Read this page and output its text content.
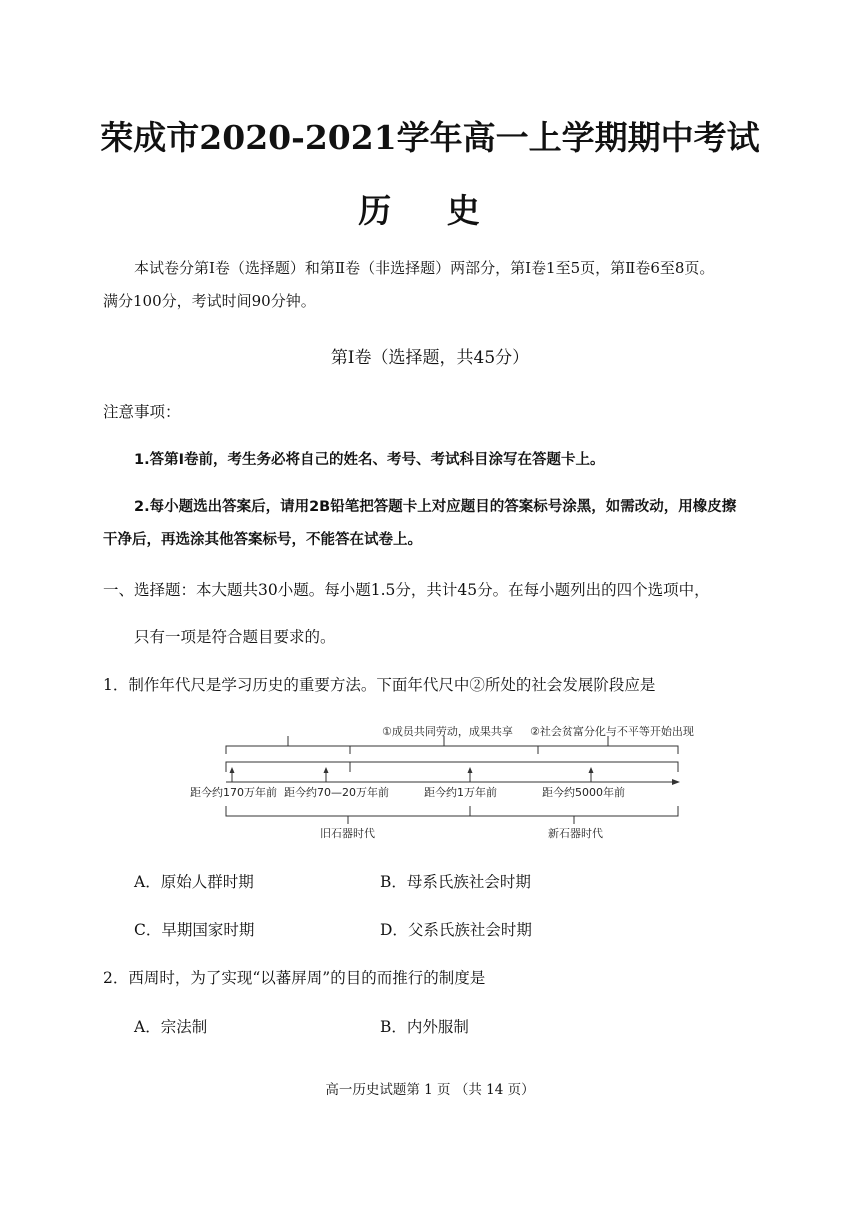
荣成市2020-2021学年高一上学期期中考试
历 史
本试卷分第Ⅰ卷（选择题）和第Ⅱ卷（非选择题）两部分，第Ⅰ卷1至5页，第Ⅱ卷6至8页。
满分100分，考试时间90分钟。
第Ⅰ卷（选择题，共45分）
注意事项：
1.答第Ⅰ卷前，考生务必将自己的姓名、考号、考试科目涂写在答题卡上。
2.每小题选出答案后，请用2B铅笔把答题卡上对应题目的答案标号涂黑，如需改动，用橡皮擦
干净后，再选涂其他答案标号，不能答在试卷上。
一、选择题：本大题共30小题。每小题1.5分，共计45分。在每小题列出的四个选项中，
只有一项是符合题目要求的。
1．制作年代尺是学习历史的重要方法。下面年代尺中②所处的社会发展阶段应是
①成员共同劳动，成果共享 ②社会贫富分化与不平等开始出现
距今约170万年前 距今约70—20万年前	距今约1万年前	距今约5000年前
旧石器时代	新石器时代
A．原始人群时期	B．母系氏族社会时期
C．早期国家时期	D．父系氏族社会时期
2．西周时，为了实现“以蕃屏周”的目的而推行的制度是
A．宗法制	B．内外服制
高一历史试题第 1 页 （共 14 页）
